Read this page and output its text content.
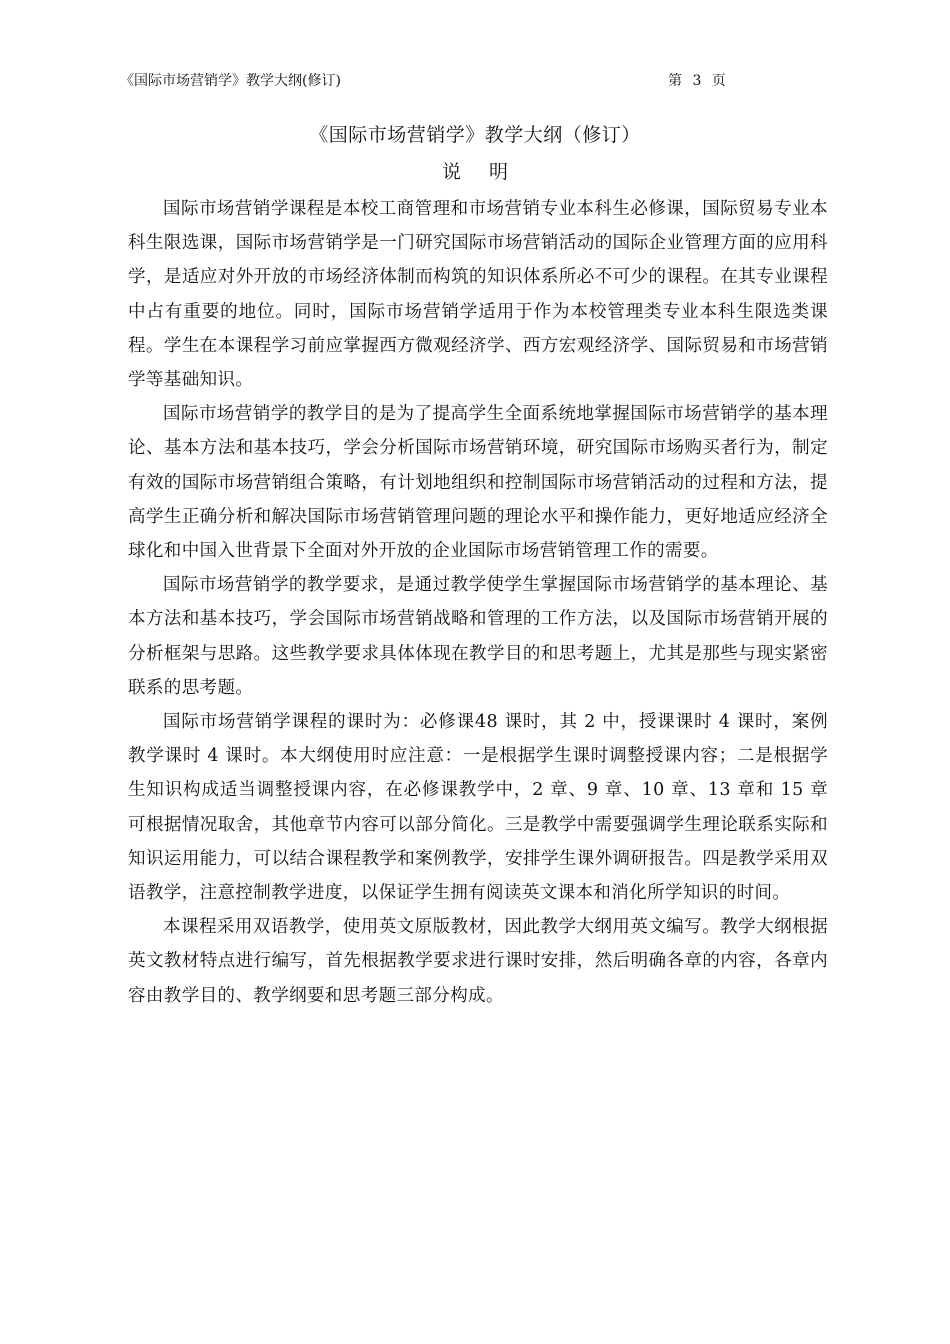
《国际市场营销学》教学大纲(修订)	第 3 页
《国际市场营销学》教学大纲（修订）
说明

国际市场营销学课程是本校工商管理和市场营销专业本科生必修课，国际贸易专业本科生限选课，国际市场营销学是一门研究国际市场营销活动的国际企业管理方面的应用科学，是适应对外开放的市场经济体制而构筑的知识体系所必不可少的课程。在其专业课程中占有重要的地位。同时，国际市场营销学适用于作为本校管理类专业本科生限选类课程。学生在本课程学习前应掌握西方微观经济学、西方宏观经济学、国际贸易和市场营销学等基础知识。

国际市场营销学的教学目的是为了提高学生全面系统地掌握国际市场营销学的基本理论、基本方法和基本技巧，学会分析国际市场营销环境，研究国际市场购买者行为，制定有效的国际市场营销组合策略，有计划地组织和控制国际市场营销活动的过程和方法，提高学生正确分析和解决国际市场营销管理问题的理论水平和操作能力，更好地适应经济全球化和中国入世背景下全面对外开放的企业国际市场营销管理工作的需要。

国际市场营销学的教学要求，是通过教学使学生掌握国际市场营销学的基本理论、基本方法和基本技巧，学会国际市场营销战略和管理的工作方法，以及国际市场营销开展的分析框架与思路。这些教学要求具体体现在教学目的和思考题上，尤其是那些与现实紧密联系的思考题。

国际市场营销学课程的课时为：必修课48 课时，其 2 中，授课课时 4 课时，案例教学课时 4 课时。本大纲使用时应注意：一是根据学生课时调整授课内容；二是根据学生知识构成适当调整授课内容，在必修课教学中，2 章、9 章、10 章、13 章和 15 章可根据情况取舍，其他章节内容可以部分简化。三是教学中需要强调学生理论联系实际和知识运用能力，可以结合课程教学和案例教学，安排学生课外调研报告。四是教学采用双语教学，注意控制教学进度，以保证学生拥有阅读英文课本和消化所学知识的时间。

本课程采用双语教学，使用英文原版教材，因此教学大纲用英文编写。教学大纲根据英文教材特点进行编写，首先根据教学要求进行课时安排，然后明确各章的内容，各章内容由教学目的、教学纲要和思考题三部分构成。
